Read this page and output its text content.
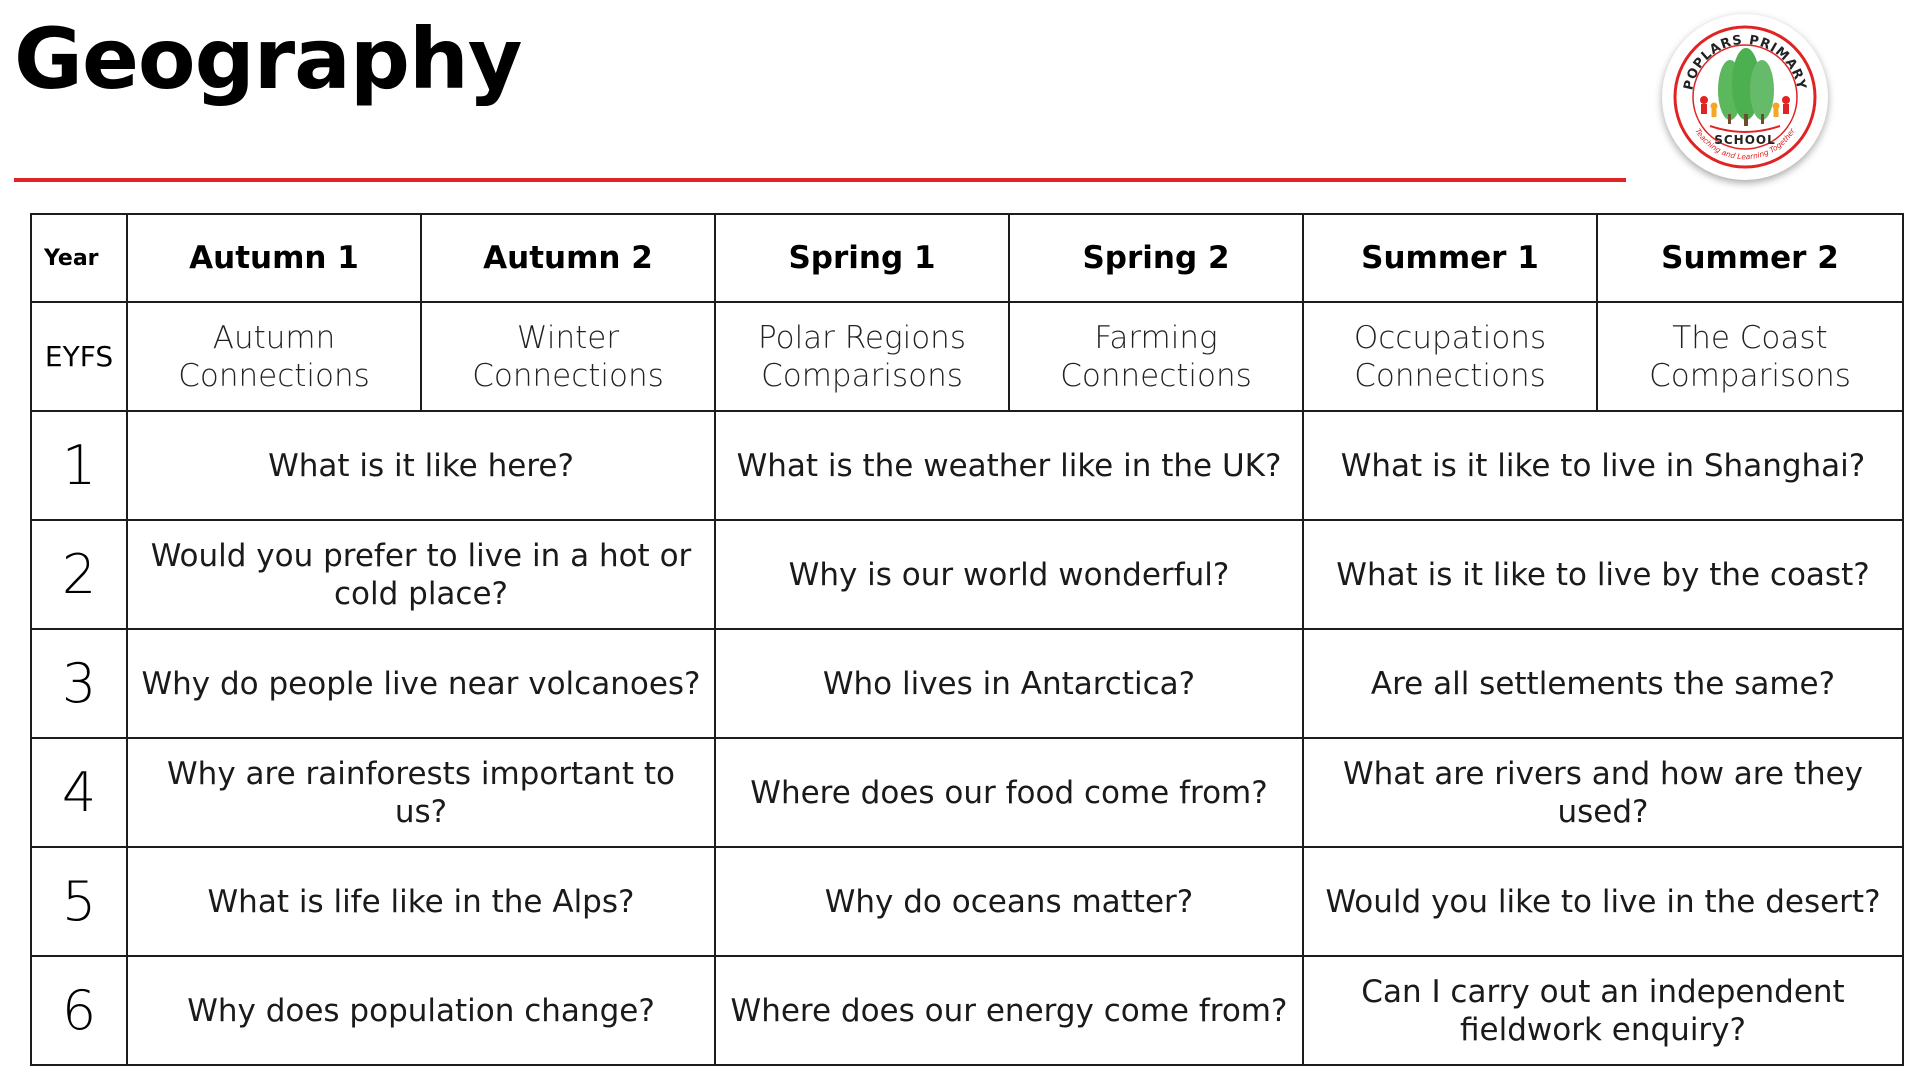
Geography	POPLARS PRIMARY
SCHOOL
Teaching and Learning Together
Year	Autumn 1	Autumn 2	Spring 1	Spring 2	Summer 1	Summer 2
EYFS	Autumn Connections	Winter Connections	Polar Regions Comparisons	Farming Connections	Occupations Connections	The Coast Comparisons
1	What is it like here?		What is the weather like in the UK?		What is it like to live in Shanghai?	
2	Would you prefer to live in a hot or cold place?		Why is our world wonderful?		What is it like to live by the coast?	
3	Why do people live near volcanoes?		Who lives in Antarctica?		Are all settlements the same?	
4	Why are rainforests important to us?		Where does our food come from?		What are rivers and how are they used?	
5	What is life like in the Alps?		Why do oceans matter?		Would you like to live in the desert?	
6	Why does population change?		Where does our energy come from?		Can I carry out an independent fieldwork enquiry?	
